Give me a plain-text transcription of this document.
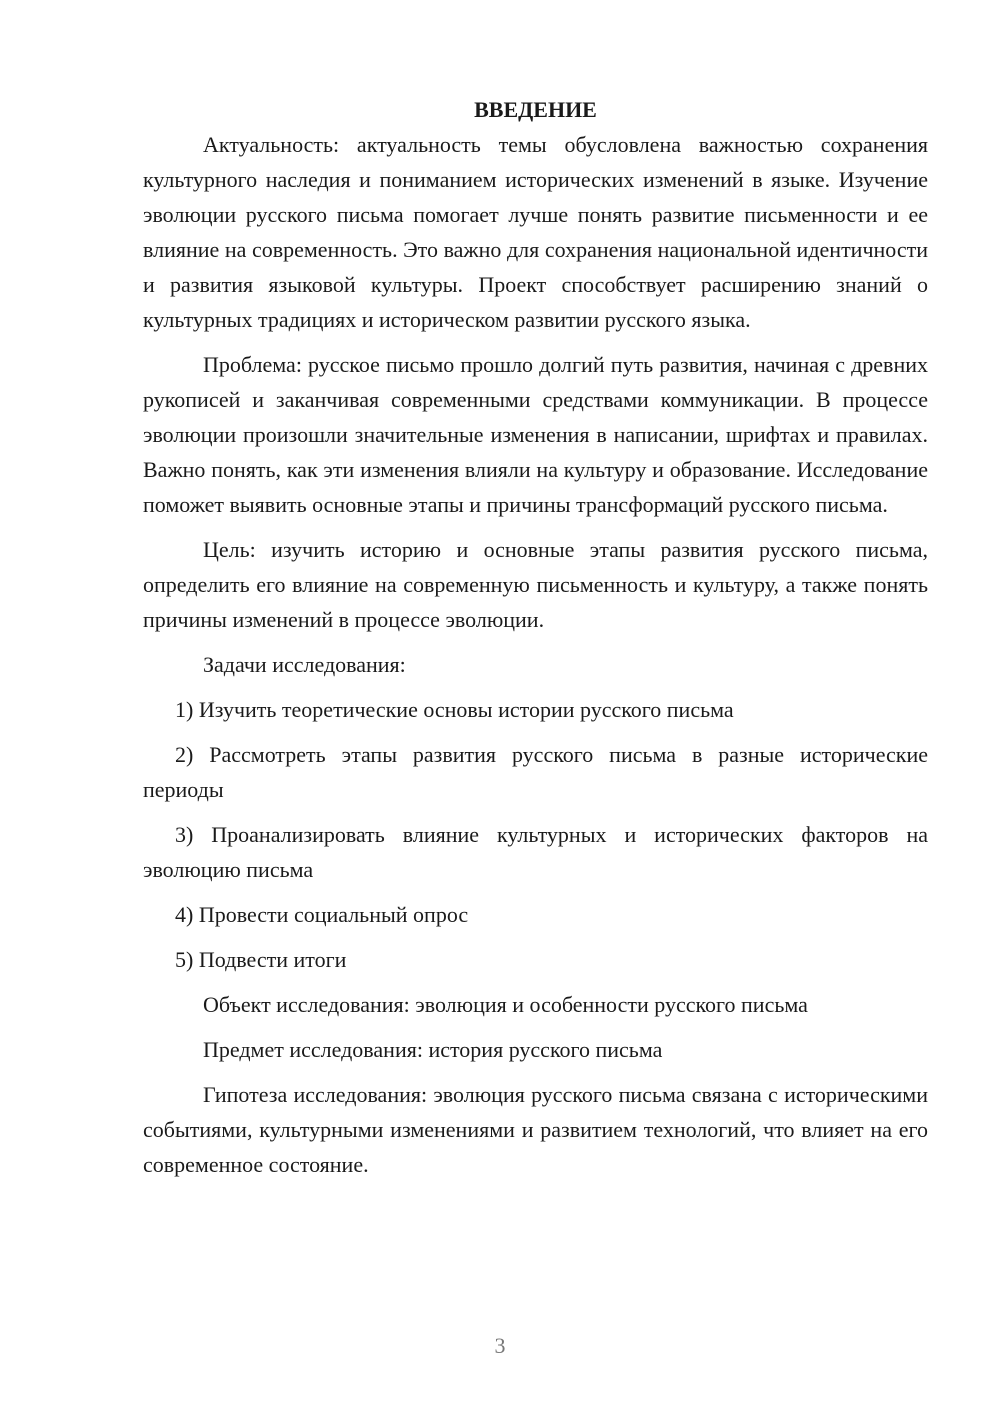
ВВЕДЕНИЕ

Актуальность: актуальность темы обусловлена важностью сохранения культурного наследия и пониманием исторических изменений в языке. Изучение эволюции русского письма помогает лучше понять развитие письменности и ее влияние на современность. Это важно для сохранения национальной идентичности и развития языковой культуры. Проект способствует расширению знаний о культурных традициях и историческом развитии русского языка.

Проблема: русское письмо прошло долгий путь развития, начиная с древних рукописей и заканчивая современными средствами коммуникации. В процессе эволюции произошли значительные изменения в написании, шрифтах и правилах. Важно понять, как эти изменения влияли на культуру и образование. Исследование поможет выявить основные этапы и причины трансформаций русского письма.

Цель: изучить историю и основные этапы развития русского письма, определить его влияние на современную письменность и культуру, а также понять причины изменений в процессе эволюции.

Задачи исследования:

1) Изучить теоретические основы истории русского письма

2) Рассмотреть этапы развития русского письма в разные исторические периоды

3) Проанализировать влияние культурных и исторических факторов на эволюцию письма

4) Провести социальный опрос

5) Подвести итоги

Объект исследования: эволюция и особенности русского письма

Предмет исследования: история русского письма

Гипотеза исследования: эволюция русского письма связана с историческими событиями, культурными изменениями и развитием технологий, что влияет на его современное состояние.

3
